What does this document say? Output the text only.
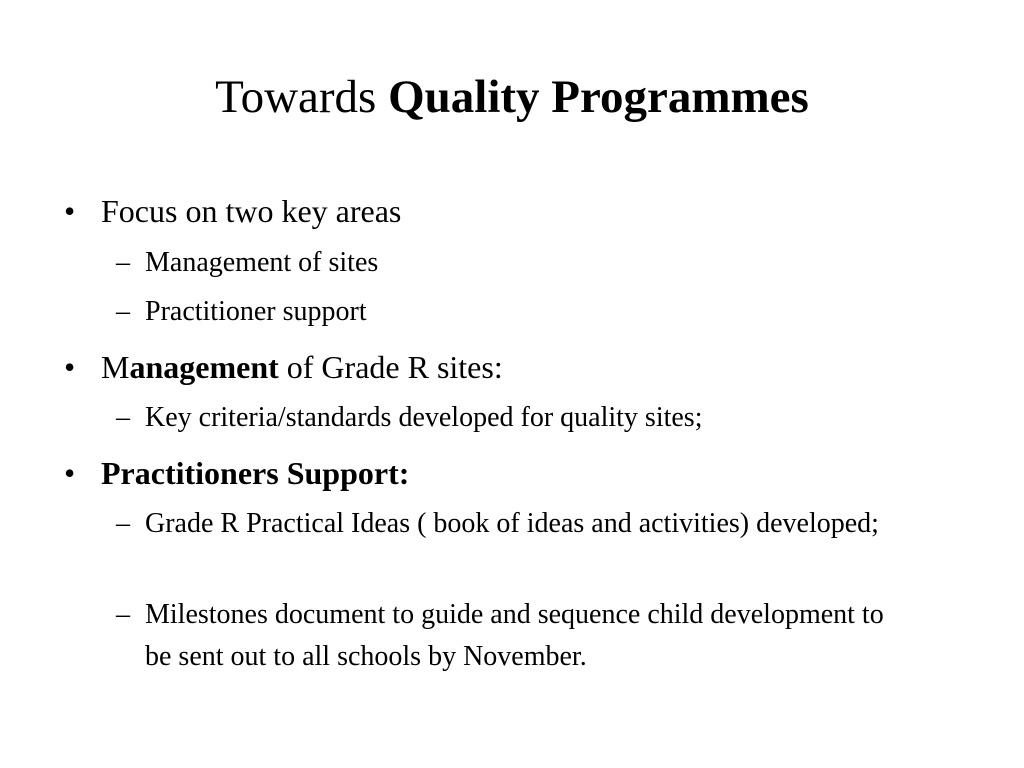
Towards Quality Programmes
• Focus on two key areas
– Management of sites
– Practitioner support
• Management of Grade R sites:
– Key criteria/standards developed for quality sites;
• Practitioners Support:
– Grade R Practical Ideas ( book of ideas and activities) developed;
– Milestones document to guide and sequence child development to be sent out to all schools by November.
